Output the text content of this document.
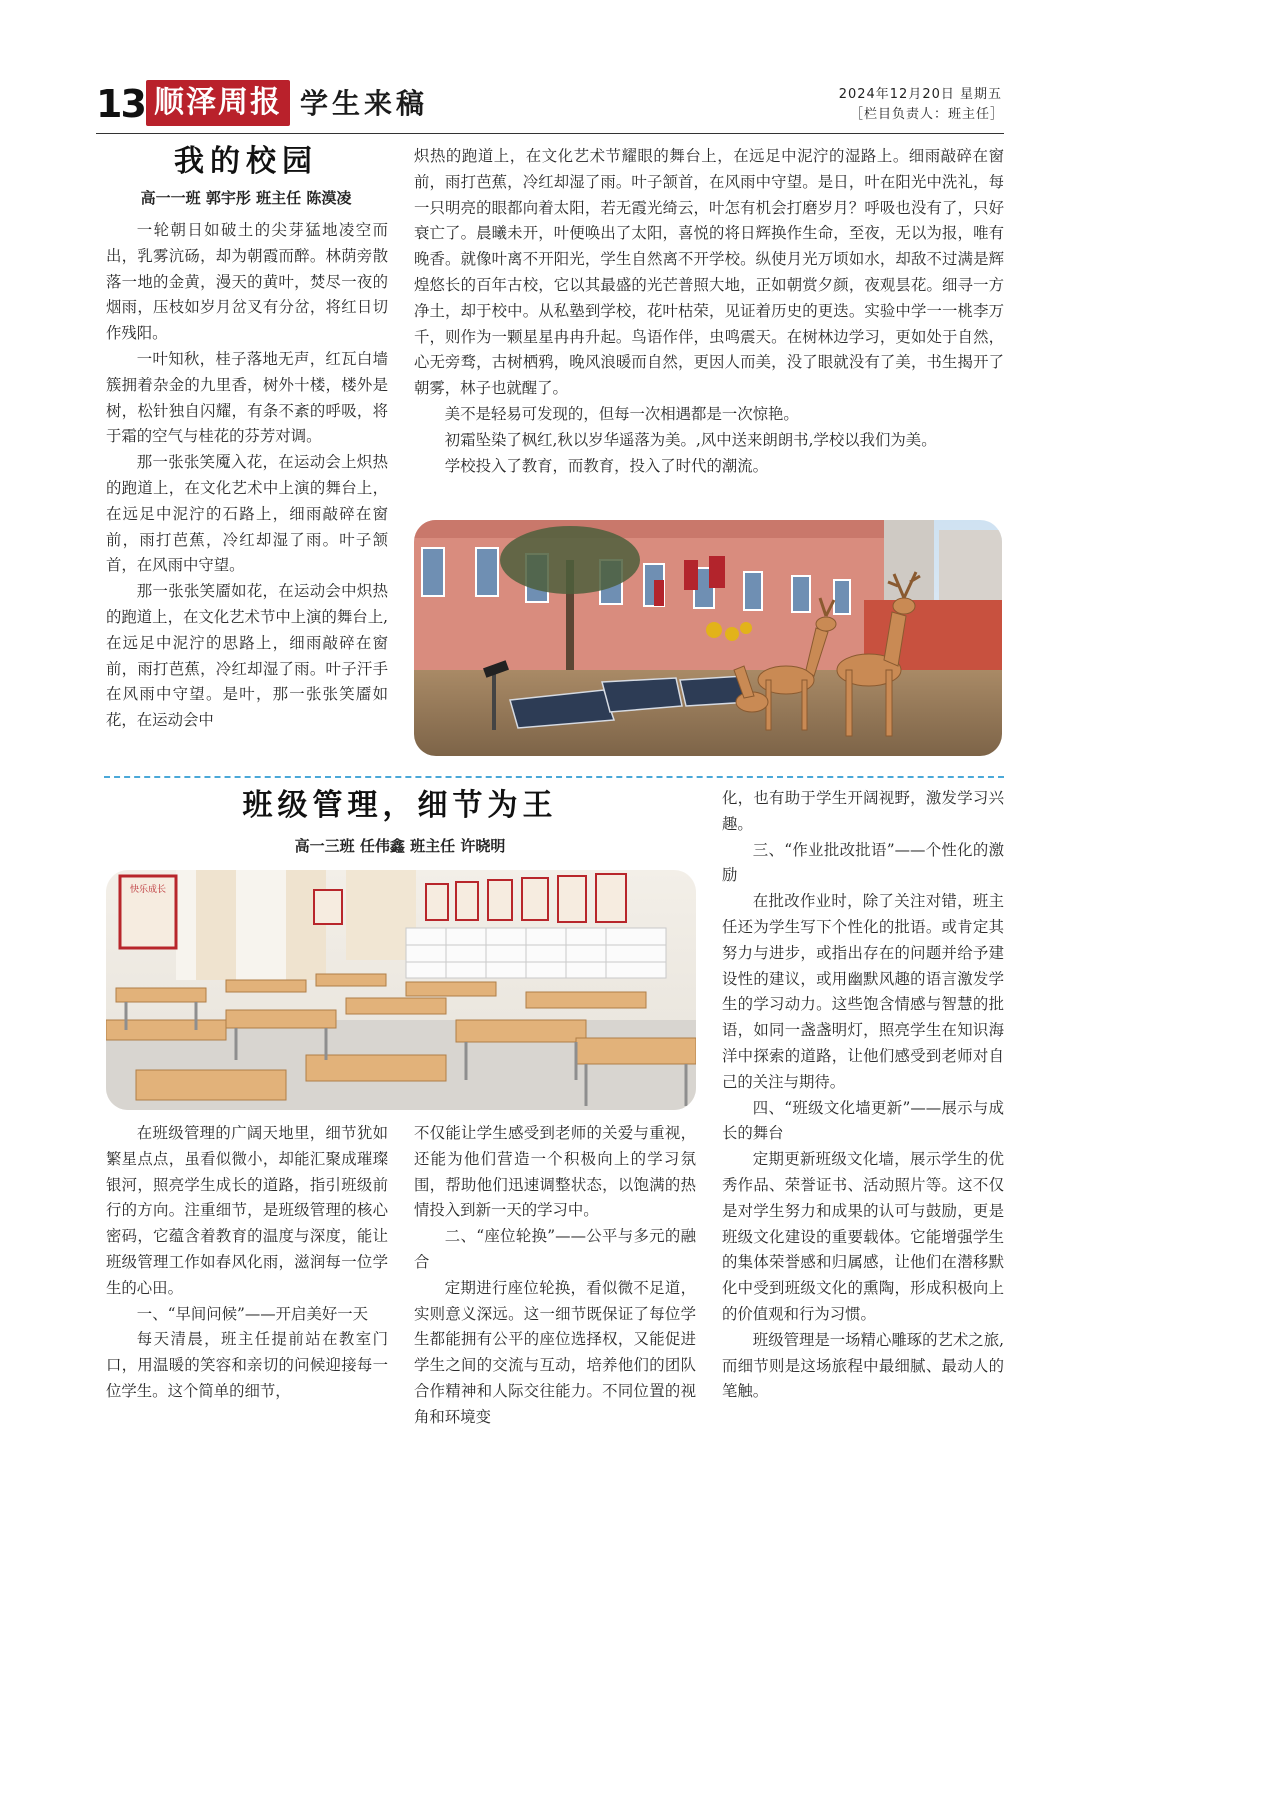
13 顺泽周报 学生来稿	2024年12月20日 星期五
［栏目负责人：班主任］
我的校园
高一一班 郭宇彤 班主任 陈漠凌

一轮朝日如破土的尖芽猛地凌空而出，乳雾沆砀，却为朝霞而醉。林荫旁散落一地的金黄，漫天的黄叶，焚尽一夜的烟雨，压枝如岁月岔叉有分岔，将红日切作残阳。

一叶知秋，桂子落地无声，红瓦白墙簇拥着杂金的九里香，树外十楼，楼外是树，松针独自闪耀，有条不紊的呼吸，将于霜的空气与桂花的芬芳对调。

那一张张笑魇入花，在运动会上炽热的跑道上，在文化艺术中上演的舞台上，在远足中泥泞的石路上，细雨敲碎在窗前，雨打芭蕉，冷红却湿了雨。叶子颔首，在风雨中守望。

那一张张笑靥如花，在运动会中炽热的跑道上，在文化艺术节中上演的舞台上,在远足中泥泞的思路上，细雨敲碎在窗前，雨打芭蕉，冷红却湿了雨。叶子汗手在风雨中守望。是叶，那一张张笑靥如花，在运动会中

炽热的跑道上，在文化艺术节耀眼的舞台上，在远足中泥泞的湿路上。细雨敲碎在窗前，雨打芭蕉，冷红却湿了雨。叶子颔首，在风雨中守望。是日，叶在阳光中洗礼，每一只明亮的眼都向着太阳，若无霞光绮云，叶怎有机会打磨岁月？呼吸也没有了，只好衰亡了。晨曦未开，叶便唤出了太阳，喜悦的将日辉换作生命，至夜，无以为报，唯有晚香。就像叶离不开阳光，学生自然离不开学校。纵使月光万顷如水，却敌不过满是辉煌悠长的百年古校，它以其最盛的光芒普照大地，正如朝赏夕颜，夜观昙花。细寻一方净土，却于校中。从私塾到学校，花叶枯荣，见证着历史的更迭。实验中学一一桃李万千，则作为一颗星星冉冉升起。鸟语作伴，虫鸣震天。在树林边学习，更如处于自然，心无旁骛，古树栖鸦，晚风浪暖而自然，更因人而美，没了眼就没有了美，书生揭开了朝雾，林子也就醒了。

美不是轻易可发现的，但每一次相遇都是一次惊艳。

初霜坠染了枫红,秋以岁华遥落为美。,风中送来朗朗书,学校以我们为美。

学校投入了教育，而教育，投入了时代的潮流。

班级管理，细节为王
高一三班 任伟鑫 班主任 许晓明
快乐成长

在班级管理的广阔天地里，细节犹如繁星点点，虽看似微小，却能汇聚成璀璨银河，照亮学生成长的道路，指引班级前行的方向。注重细节，是班级管理的核心密码，它蕴含着教育的温度与深度，能让班级管理工作如春风化雨，滋润每一位学生的心田。

一、“早间问候”——开启美好一天

每天清晨，班主任提前站在教室门口，用温暖的笑容和亲切的问候迎接每一位学生。这个简单的细节，

不仅能让学生感受到老师的关爱与重视，还能为他们营造一个积极向上的学习氛围，帮助他们迅速调整状态，以饱满的热情投入到新一天的学习中。

二、“座位轮换”——公平与多元的融合

定期进行座位轮换，看似微不足道，实则意义深远。这一细节既保证了每位学生都能拥有公平的座位选择权，又能促进学生之间的交流与互动，培养他们的团队合作精神和人际交往能力。不同位置的视角和环境变

化，也有助于学生开阔视野，激发学习兴趣。

三、“作业批改批语”——个性化的激励

在批改作业时，除了关注对错，班主任还为学生写下个性化的批语。或肯定其努力与进步，或指出存在的问题并给予建设性的建议，或用幽默风趣的语言激发学生的学习动力。这些饱含情感与智慧的批语，如同一盏盏明灯，照亮学生在知识海洋中探索的道路，让他们感受到老师对自己的关注与期待。

四、“班级文化墙更新”——展示与成长的舞台

定期更新班级文化墙，展示学生的优秀作品、荣誉证书、活动照片等。这不仅是对学生努力和成果的认可与鼓励，更是班级文化建设的重要载体。它能增强学生的集体荣誉感和归属感，让他们在潜移默化中受到班级文化的熏陶，形成积极向上的价值观和行为习惯。

班级管理是一场精心雕琢的艺术之旅,而细节则是这场旅程中最细腻、最动人的笔触。
